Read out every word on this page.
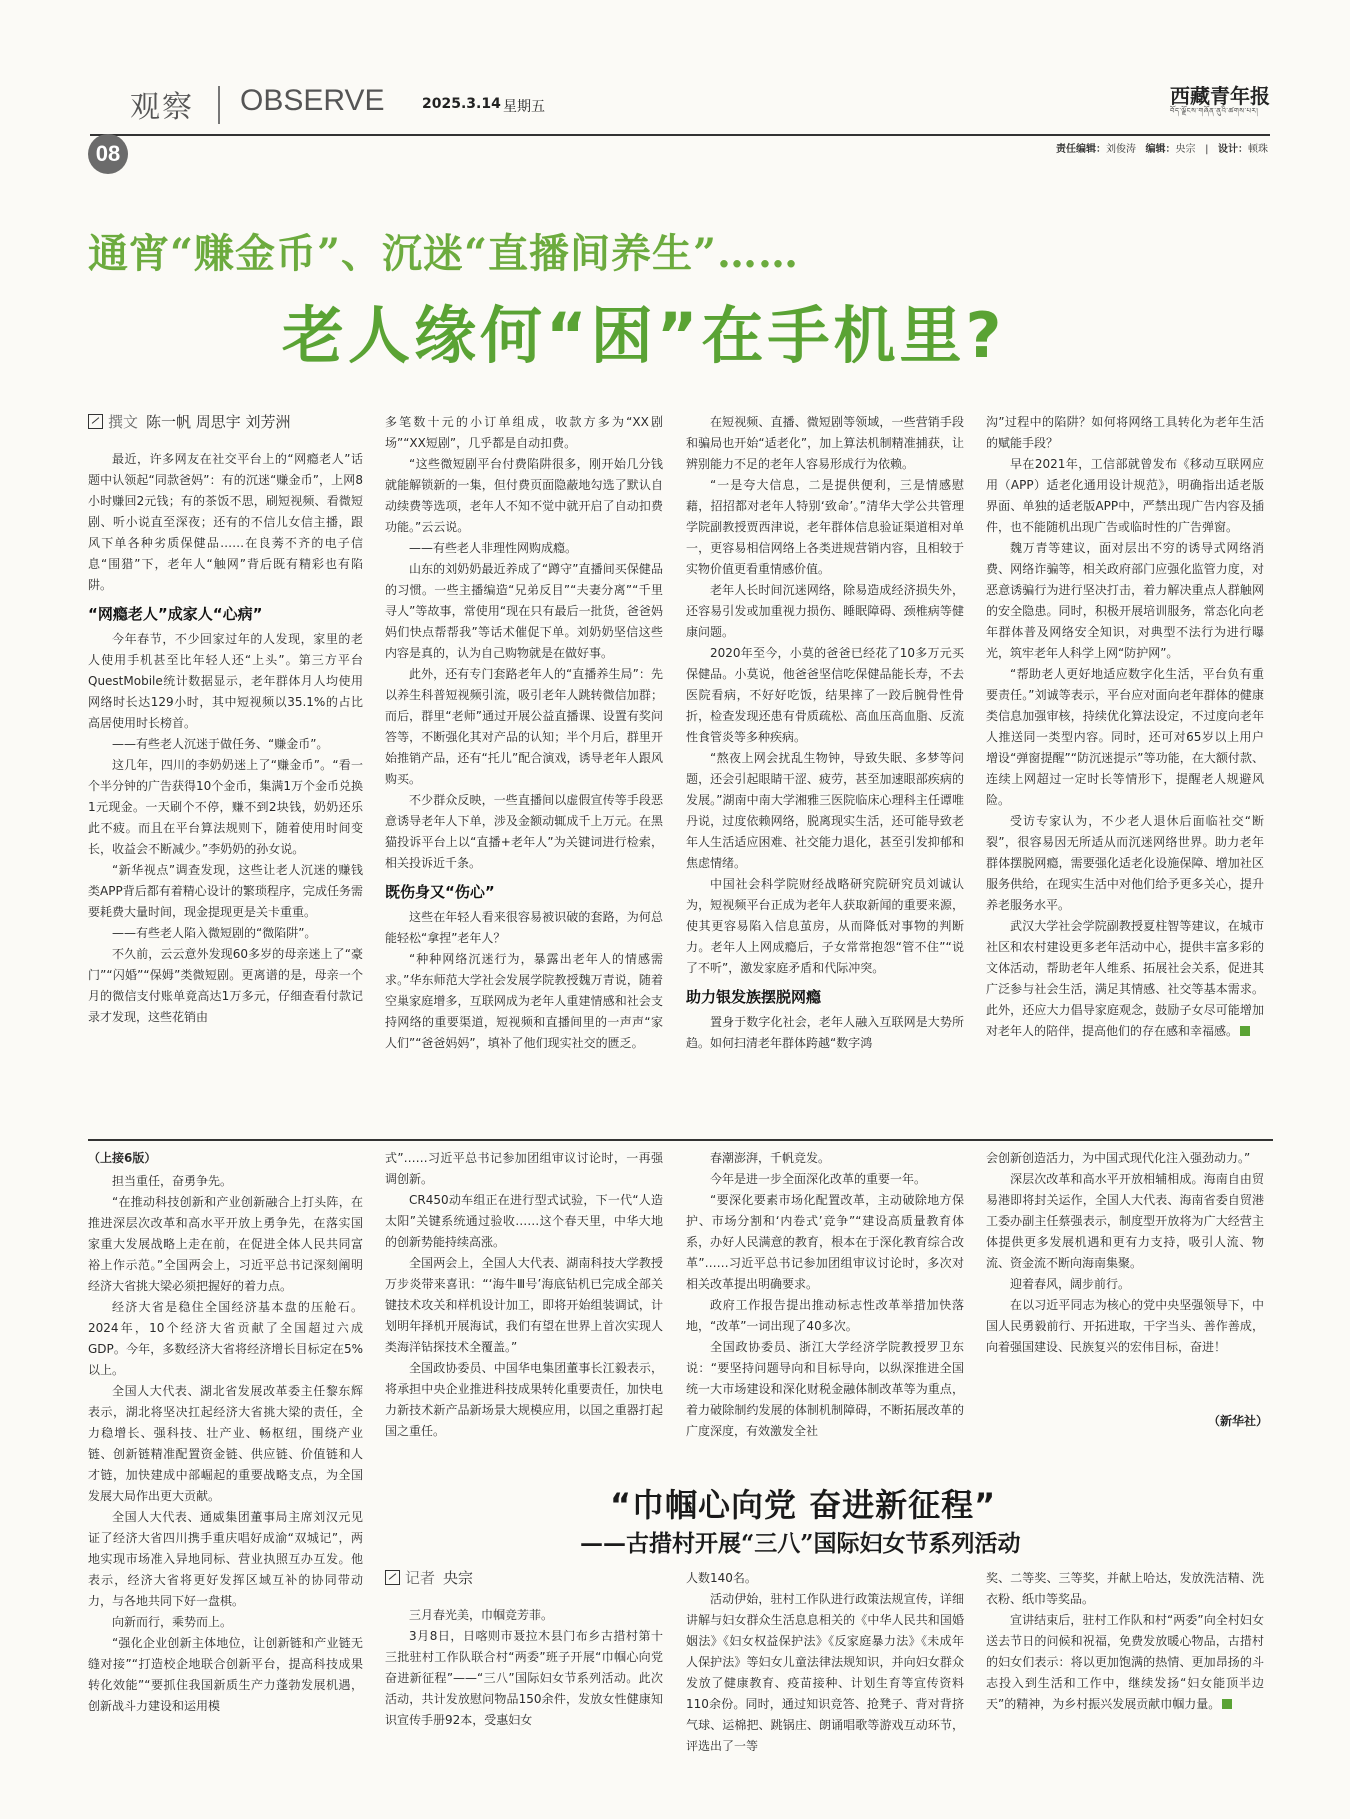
观察 OBSERVE	2025.3.14 星期五	西藏青年报
བོད་ལྗོངས་གཞོན་ནུའི་ཚགས་པར།
08	责任编辑：刘俊涛 编辑：央宗   |   设计：顿珠
通宵“赚金币”、沉迷“直播间养生”……
老人缘何“困”在手机里?
撰文 陈一帆 周思宇 刘芳洲

最近，许多网友在社交平台上的“网瘾老人”话题中认领起“同款爸妈”：有的沉迷“赚金币”，上网8小时赚回2元钱；有的茶饭不思，刷短视频、看微短剧、听小说直至深夜；还有的不信儿女信主播，跟风下单各种劣质保健品……在良莠不齐的电子信息“围猎”下，老年人“触网”背后既有精彩也有陷阱。

“网瘾老人”成家人“心病”

今年春节，不少回家过年的人发现，家里的老人使用手机甚至比年轻人还“上头”。第三方平台QuestMobile统计数据显示，老年群体月人均使用网络时长达129小时，其中短视频以35.1%的占比高居使用时长榜首。

——有些老人沉迷于做任务、“赚金币”。

这几年，四川的李奶奶迷上了“赚金币”。“看一个半分钟的广告获得10个金币，集满1万个金币兑换1元现金。一天刷个不停，赚不到2块钱，奶奶还乐此不疲。而且在平台算法规则下，随着使用时间变长，收益会不断减少。”李奶奶的孙女说。

“新华视点”调查发现，这些让老人沉迷的赚钱类APP背后都有着精心设计的繁琐程序，完成任务需要耗费大量时间，现金提现更是关卡重重。

——有些老人陷入微短剧的“微陷阱”。

不久前，云云意外发现60多岁的母亲迷上了“豪门”“闪婚”“保姆”类微短剧。更离谱的是，母亲一个月的微信支付账单竟高达1万多元，仔细查看付款记录才发现，这些花销由

多笔数十元的小订单组成，收款方多为“XX剧场”“XX短剧”，几乎都是自动扣费。

“这些微短剧平台付费陷阱很多，刚开始几分钱就能解锁新的一集，但付费页面隐蔽地勾选了默认自动续费等选项，老年人不知不觉中就开启了自动扣费功能。”云云说。

——有些老人非理性网购成瘾。

山东的刘奶奶最近养成了“蹲守”直播间买保健品的习惯。一些主播编造“兄弟反目”“夫妻分离”“千里寻人”等故事，常使用“现在只有最后一批货，爸爸妈妈们快点帮帮我”等话术催促下单。刘奶奶坚信这些内容是真的，认为自己购物就是在做好事。

此外，还有专门套路老年人的“直播养生局”：先以养生科普短视频引流，吸引老年人跳转微信加群；而后，群里“老师”通过开展公益直播课、设置有奖问答等，不断强化其对产品的认知；半个月后，群里开始推销产品，还有“托儿”配合演戏，诱导老年人跟风购买。

不少群众反映，一些直播间以虚假宣传等手段恶意诱导老年人下单，涉及金额动辄成千上万元。在黑猫投诉平台上以“直播+老年人”为关键词进行检索，相关投诉近千条。

既伤身又“伤心”

这些在年轻人看来很容易被识破的套路，为何总能轻松“拿捏”老年人？

“种种网络沉迷行为，暴露出老年人的情感需求。”华东师范大学社会发展学院教授魏万青说，随着空巢家庭增多，互联网成为老年人重建情感和社会支持网络的重要渠道，短视频和直播间里的一声声“家人们”“爸爸妈妈”，填补了他们现实社交的匮乏。

在短视频、直播、微短剧等领域，一些营销手段和骗局也开始“适老化”，加上算法机制精准捕获，让辨别能力不足的老年人容易形成行为依赖。

“一是夸大信息，二是提供便利，三是情感慰藉，招招都对老年人特别‘致命’。”清华大学公共管理学院副教授贾西津说，老年群体信息验证渠道相对单一，更容易相信网络上各类进规营销内容，且相较于实物价值更看重情感价值。

老年人长时间沉迷网络，除易造成经济损失外，还容易引发或加重视力损伤、睡眠障碍、颈椎病等健康问题。

2020年至今，小莫的爸爸已经花了10多万元买保健品。小莫说，他爸爸坚信吃保健品能长寿，不去医院看病，不好好吃饭，结果摔了一跤后腕骨性骨折，检查发现还患有骨质疏松、高血压高血脂、反流性食管炎等多种疾病。

“熬夜上网会扰乱生物钟，导致失眠、多梦等问题，还会引起眼睛干涩、疲劳，甚至加速眼部疾病的发展。”湖南中南大学湘雅三医院临床心理科主任谭唯丹说，过度依赖网络，脱离现实生活，还可能导致老年人生活适应困难、社交能力退化，甚至引发抑郁和焦虑情绪。

中国社会科学院财经战略研究院研究员刘诚认为，短视频平台正成为老年人获取新闻的重要来源，使其更容易陷入信息茧房，从而降低对事物的判断力。老年人上网成瘾后，子女常常抱怨“管不住”“说了不听”，激发家庭矛盾和代际冲突。

助力银发族摆脱网瘾

置身于数字化社会，老年人融入互联网是大势所趋。如何扫清老年群体跨越“数字鸿

沟”过程中的陷阱？如何将网络工具转化为老年生活的赋能手段？

早在2021年，工信部就曾发布《移动互联网应用（APP）适老化通用设计规范》，明确指出适老版界面、单独的适老版APP中，严禁出现广告内容及插件，也不能随机出现广告或临时性的广告弹窗。

魏万青等建议，面对层出不穷的诱导式网络消费、网络诈骗等，相关政府部门应强化监管力度，对恶意诱骗行为进行坚决打击，着力解决重点人群触网的安全隐患。同时，积极开展培训服务，常态化向老年群体普及网络安全知识，对典型不法行为进行曝光，筑牢老年人科学上网“防护网”。

“帮助老人更好地适应数字化生活，平台负有重要责任。”刘诚等表示，平台应对面向老年群体的健康类信息加强审核，持续优化算法设定，不过度向老年人推送同一类型内容。同时，还可对65岁以上用户增设“弹窗提醒”“防沉迷提示”等功能，在大额付款、连续上网超过一定时长等情形下，提醒老人规避风险。

受访专家认为，不少老人退休后面临社交“断裂”，很容易因无所适从而沉迷网络世界。助力老年群体摆脱网瘾，需要强化适老化设施保障、增加社区服务供给，在现实生活中对他们给予更多关心，提升养老服务水平。

武汉大学社会学院副教授夏柱智等建议，在城市社区和农村建设更多老年活动中心，提供丰富多彩的文体活动，帮助老年人维系、拓展社会关系，促进其广泛参与社会生活，满足其情感、社交等基本需求。此外，还应大力倡导家庭观念，鼓励子女尽可能增加对老年人的陪伴，提高他们的存在感和幸福感。

（上接6版）

担当重任，奋勇争先。

“在推动科技创新和产业创新融合上打头阵，在推进深层次改革和高水平开放上勇争先，在落实国家重大发展战略上走在前，在促进全体人民共同富裕上作示范。”全国两会上，习近平总书记深刻阐明经济大省挑大梁必须把握好的着力点。

经济大省是稳住全国经济基本盘的压舱石。2024年，10个经济大省贡献了全国超过六成GDP。今年，多数经济大省将经济增长目标定在5%以上。

全国人大代表、湖北省发展改革委主任黎东辉表示，湖北将坚决扛起经济大省挑大梁的责任，全力稳增长、强科技、壮产业、畅枢纽，围绕产业链、创新链精准配置资金链、供应链、价值链和人才链，加快建成中部崛起的重要战略支点，为全国发展大局作出更大贡献。

全国人大代表、通威集团董事局主席刘汉元见证了经济大省四川携手重庆唱好成渝“双城记”，两地实现市场准入异地同标、营业执照互办互发。他表示，经济大省将更好发挥区域互补的协同带动力，与各地共同下好一盘棋。

向新而行，乘势而上。

“强化企业创新主体地位，让创新链和产业链无缝对接”“打造校企地联合创新平台，提高科技成果转化效能”“要抓住我国新质生产力蓬勃发展机遇，创新战斗力建设和运用模

式”……习近平总书记参加团组审议讨论时，一再强调创新。

CR450动车组正在进行型式试验，下一代“人造太阳”关键系统通过验收……这个春天里，中华大地的创新势能持续高涨。

全国两会上，全国人大代表、湖南科技大学教授万步炎带来喜讯：“‘海牛Ⅲ号’海底钻机已完成全部关键技术攻关和样机设计加工，即将开始组装调试，计划明年择机开展海试，我们有望在世界上首次实现人类海洋钻探技术全覆盖。”

全国政协委员、中国华电集团董事长江毅表示，将承担中央企业推进科技成果转化重要责任，加快电力新技术新产品新场景大规模应用，以国之重器打起国之重任。

春潮澎湃，千帆竞发。

今年是进一步全面深化改革的重要一年。

“要深化要素市场化配置改革，主动破除地方保护、市场分割和‘内卷式’竞争”“建设高质量教育体系，办好人民满意的教育，根本在于深化教育综合改革”……习近平总书记参加团组审议讨论时，多次对相关改革提出明确要求。

政府工作报告提出推动标志性改革举措加快落地，“改革”一词出现了40多次。

全国政协委员、浙江大学经济学院教授罗卫东说：“要坚持问题导向和目标导向，以纵深推进全国统一大市场建设和深化财税金融体制改革等为重点，着力破除制约发展的体制机制障碍，不断拓展改革的广度深度，有效激发全社

会创新创造活力，为中国式现代化注入强劲动力。”

深层次改革和高水平开放相辅相成。海南自由贸易港即将封关运作，全国人大代表、海南省委自贸港工委办副主任蔡强表示，制度型开放将为广大经营主体提供更多发展机遇和更有力支持，吸引人流、物流、资金流不断向海南集聚。

迎着春风，阔步前行。

在以习近平同志为核心的党中央坚强领导下，中国人民勇毅前行、开拓进取，干字当头、善作善成，向着强国建设、民族复兴的宏伟目标，奋进！

（新华社）
“巾帼心向党 奋进新征程”
——古措村开展“三八”国际妇女节系列活动
记者 央宗

三月春光美，巾帼竞芳菲。

3月8日，日喀则市聂拉木县门布乡古措村第十三批驻村工作队联合村“两委”班子开展“巾帼心向党 奋进新征程”——“三八”国际妇女节系列活动。此次活动，共计发放慰问物品150余件，发放女性健康知识宣传手册92本，受惠妇女

人数140名。

活动伊始，驻村工作队进行政策法规宣传，详细讲解与妇女群众生活息息相关的《中华人民共和国婚姻法》《妇女权益保护法》《反家庭暴力法》《未成年人保护法》等妇女儿童法律法规知识，并向妇女群众发放了健康教育、疫苗接种、计划生育等宣传资料110余份。同时，通过知识竞答、抢凳子、背对背挤气球、运棉把、跳锅庄、朗诵唱歌等游戏互动环节，评选出了一等

奖、二等奖、三等奖，并献上哈达，发放洗洁精、洗衣粉、纸巾等奖品。

宣讲结束后，驻村工作队和村“两委”向全村妇女送去节日的问候和祝福，免费发放暖心物品，古措村的妇女们表示：将以更加饱满的热情、更加昂扬的斗志投入到生活和工作中，继续发扬“妇女能顶半边天”的精神，为乡村振兴发展贡献巾帼力量。
